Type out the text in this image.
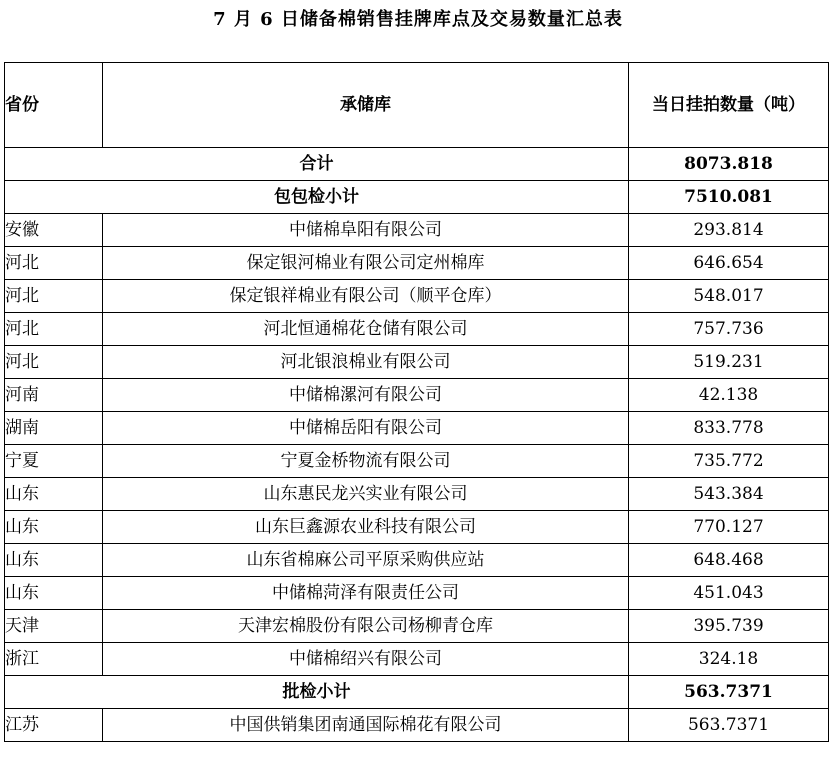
7 月 6 日储备棉销售挂牌库点及交易数量汇总表
省份	承储库	当日挂拍数量（吨）
合计		8073.818
包包检小计		7510.081
安徽	中储棉阜阳有限公司	293.814
河北	保定银河棉业有限公司定州棉库	646.654
河北	保定银祥棉业有限公司（顺平仓库）	548.017
河北	河北恒通棉花仓储有限公司	757.736
河北	河北银浪棉业有限公司	519.231
河南	中储棉漯河有限公司	42.138
湖南	中储棉岳阳有限公司	833.778
宁夏	宁夏金桥物流有限公司	735.772
山东	山东惠民龙兴实业有限公司	543.384
山东	山东巨鑫源农业科技有限公司	770.127
山东	山东省棉麻公司平原采购供应站	648.468
山东	中储棉菏泽有限责任公司	451.043
天津	天津宏棉股份有限公司杨柳青仓库	395.739
浙江	中储棉绍兴有限公司	324.18
批检小计		563.7371
江苏	中国供销集团南通国际棉花有限公司	563.7371
